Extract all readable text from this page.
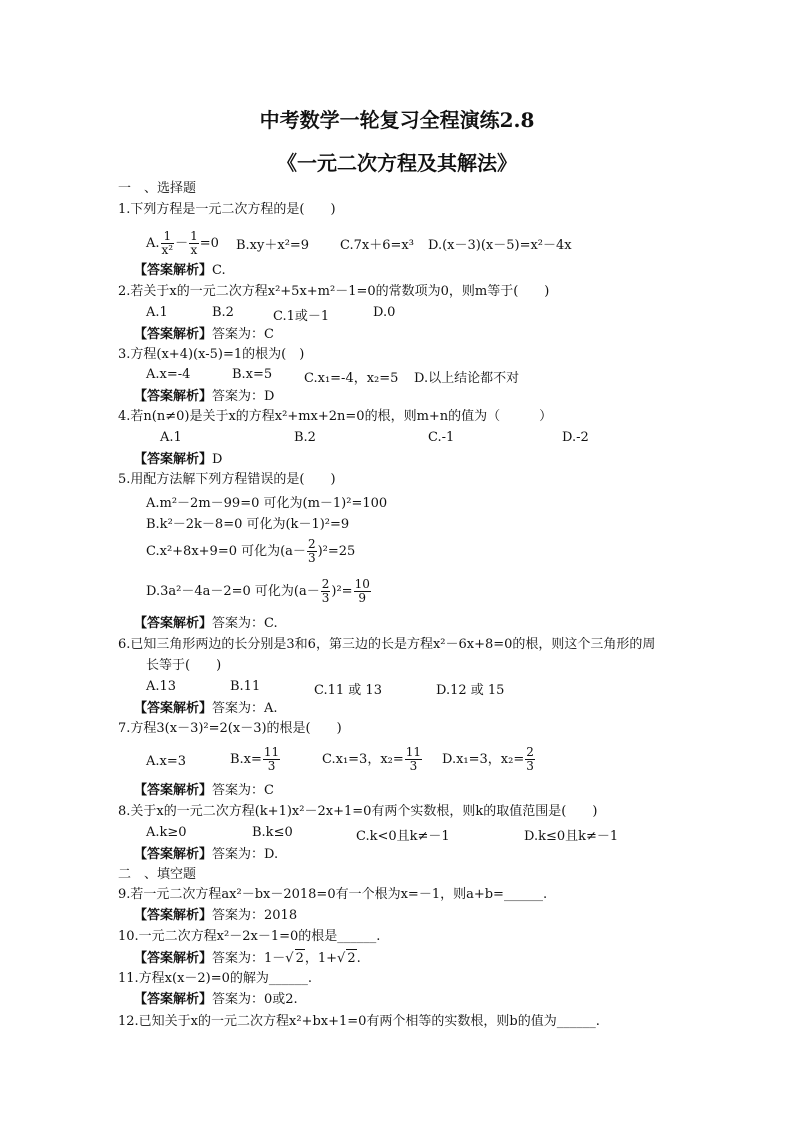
中考数学一轮复习全程演练2.8
《一元二次方程及其解法》
一　、选择题
1.下列方程是一元二次方程的是(　　)
A. $\frac{1}{\text{x²}} - \frac{1}{x} =0$ B.xy＋x²=9 C.7x＋6=x³ D.(x－3)(x－5)=x²－4x
【答案解析】C.
2.若关于x的一元二次方程x²+5x+m²－1=0的常数项为0，则m等于(　　)
A.1	B.2	C.1或－1	D.0
【答案解析】答案为：C
3.方程(x+4)(x-5)=1的根为(　)
A.x=-4	B.x=5 C.x₁=-4，x₂=5 D.以上结论都不对
【答案解析】答案为：D
4.若n(n≠0)是关于x的方程x²+mx+2n=0的根，则m+n的值为（　　　）
A.1	B.2	C.-1	D.-2
【答案解析】D
5.用配方法解下列方程错误的是(　　)
A.m²－2m－99=0 可化为(m－1)²=100
B.k²－2k－8=0 可化为(k－1)²=9
C.x²+8x+9=0 可化为$(a- \frac{2}{3} )^2=25$
D.3a²－4a－2=0 可化为$(a- \frac{2}{3} )^2= \frac{10}{9}$
【答案解析】答案为：C.
6.已知三角形两边的长分别是3和6，第三边的长是方程x²－6x+8=0的根，则这个三角形的周
长等于(　　)
A.13	B.11	C.11 或 13	D.12 或 15
【答案解析】答案为：A.
7.方程3(x－3)²=2(x－3)的根是(　　)
A.x=3	$B.x= \frac{11}{3}$	C.x₁=3，$x_2= \frac{11}{3} D.x_1=3$，$x_2= \frac{2}{3}$
【答案解析】答案为：C
8.关于x的一元二次方程(k+1)x²－2x+1=0有两个实数根，则k的取值范围是(　　)
A.k≥0	B.k≤0	C.k<0且k≠－1	D.k≤0且k≠－1
【答案解析】答案为：D.
二　、填空题
9.若一元二次方程ax²－bx－2018=0有一个根为x=－1，则a+b=______.
【答案解析】答案为：2018
10.一元二次方程x²－2x－1=0的根是______.
【答案解析】答案为：1－√ 2，1+√ 2.
11.方程x(x－2)=0的解为______.
【答案解析】答案为：0或2.
12.已知关于x的一元二次方程x²+bx+1=0有两个相等的实数根，则b的值为______.
